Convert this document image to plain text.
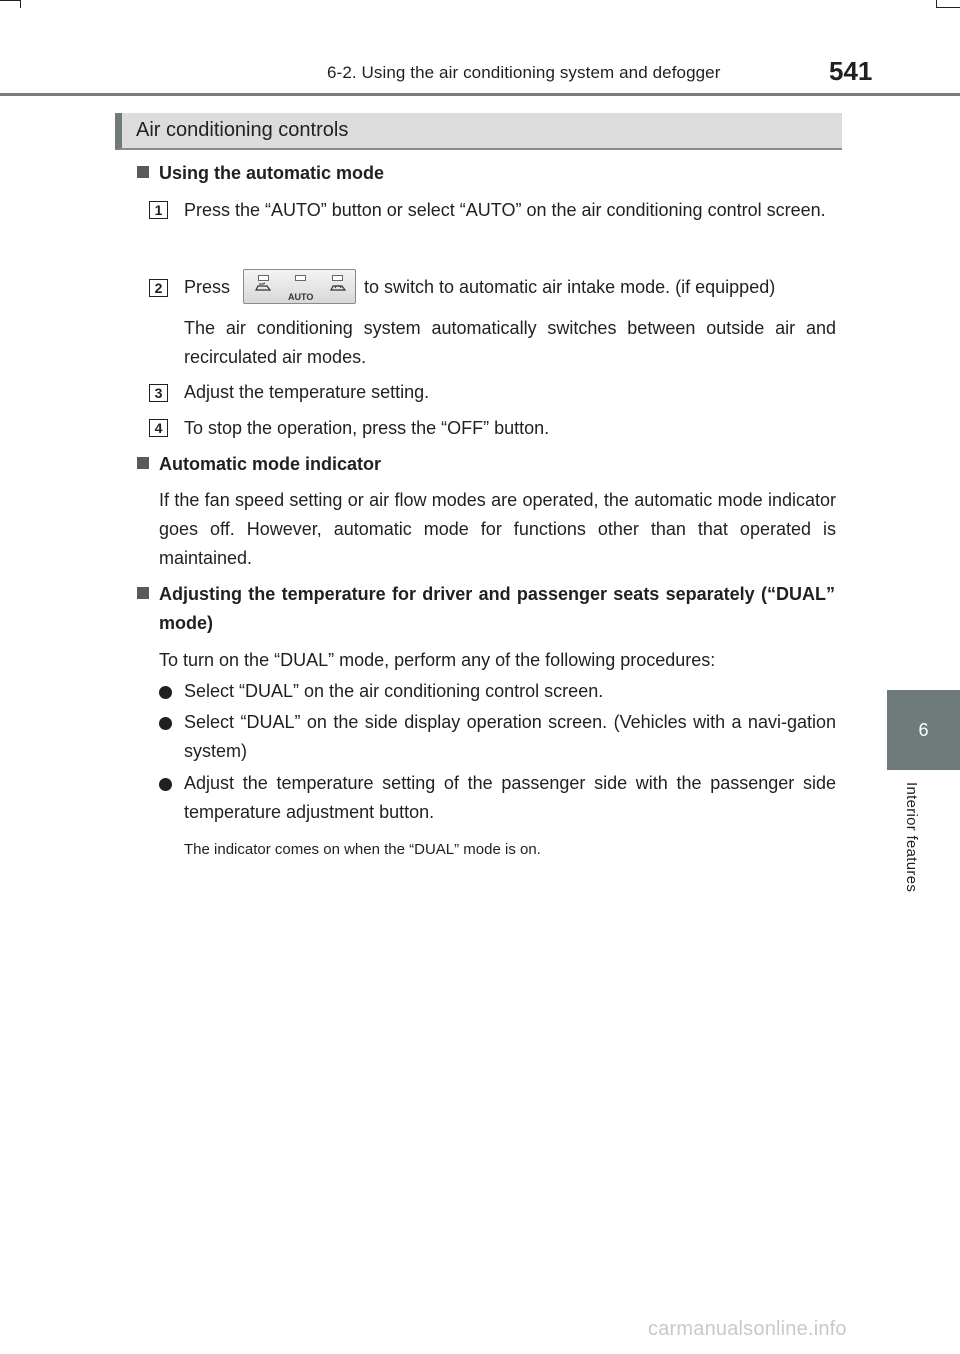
6-2. Using the air conditioning system and defogger	541
6
Interior features
Air conditioning controls
Using the automatic mode
1	Press the “AUTO” button or select “AUTO” on the air conditioning control screen.
2	Press	AUTO	to switch to automatic air intake mode. (if equipped)
The air conditioning system automatically switches between outside air and recirculated air modes.
3	Adjust the temperature setting.
4	To stop the operation, press the “OFF” button.
Automatic mode indicator
If the fan speed setting or air flow modes are operated, the automatic mode indicator goes off. However, automatic mode for functions other than that operated is maintained.
Adjusting the temperature for driver and passenger seats separately (“DUAL” mode)
To turn on the “DUAL” mode, perform any of the following procedures:
Select “DUAL” on the air conditioning control screen.
Select “DUAL” on the side display operation screen. (Vehicles with a navi-gation system)
Adjust the temperature setting of the passenger side with the passenger side temperature adjustment button.
The indicator comes on when the “DUAL” mode is on.
carmanualsonline.info
